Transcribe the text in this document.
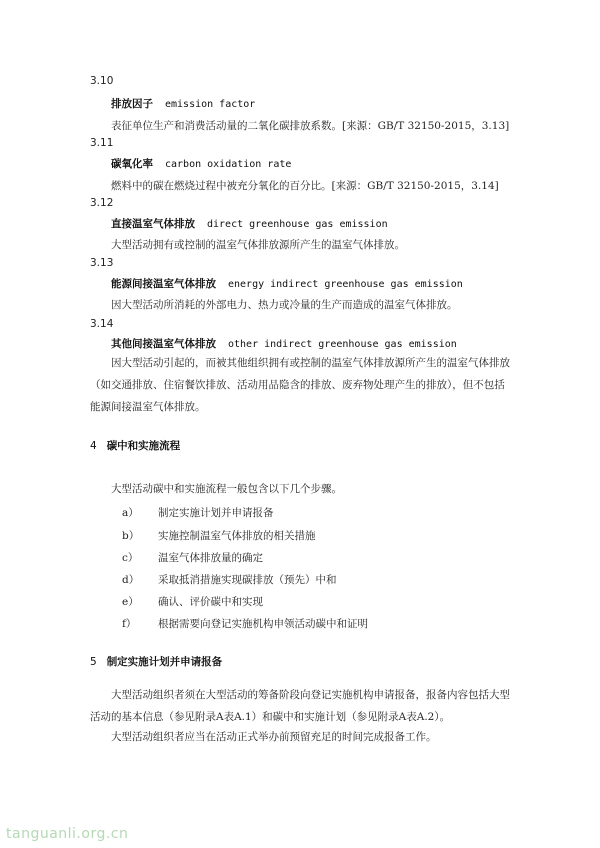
3.10
排放因子 emission factor
表征单位生产和消费活动量的二氧化碳排放系数。[来源：GB/T 32150-2015，3.13]
3.11
碳氧化率 carbon oxidation rate
燃料中的碳在燃烧过程中被充分氧化的百分比。[来源：GB/T 32150-2015，3.14]
3.12
直接温室气体排放 direct greenhouse gas emission
大型活动拥有或控制的温室气体排放源所产生的温室气体排放。
3.13
能源间接温室气体排放 energy indirect greenhouse gas emission
因大型活动所消耗的外部电力、热力或冷量的生产而造成的温室气体排放。
3.14
其他间接温室气体排放 other indirect greenhouse gas emission
因大型活动引起的，而被其他组织拥有或控制的温室气体排放源所产生的温室气体排放（如交通排放、住宿餐饮排放、活动用品隐含的排放、废弃物处理产生的排放），但不包括能源间接温室气体排放。
4 碳中和实施流程
大型活动碳中和实施流程一般包含以下几个步骤。
a） 制定实施计划并申请报备
b） 实施控制温室气体排放的相关措施
c） 温室气体排放量的确定
d） 采取抵消措施实现碳排放（预先）中和
e） 确认、评价碳中和实现
f） 根据需要向登记实施机构申领活动碳中和证明
5 制定实施计划并申请报备
大型活动组织者须在大型活动的筹备阶段向登记实施机构申请报备，报备内容包括大型活动的基本信息（参见附录A表A.1）和碳中和实施计划（参见附录A表A.2）。
大型活动组织者应当在活动正式举办前预留充足的时间完成报备工作。
tanguanli.org.cn
